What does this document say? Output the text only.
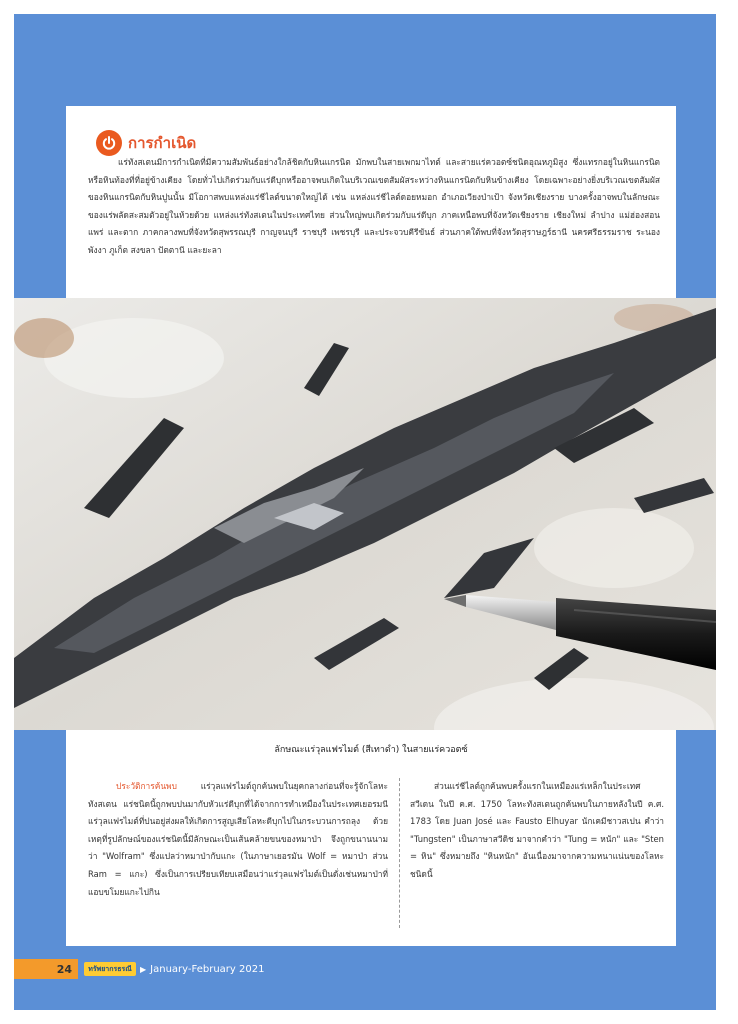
การกำเนิด

แร่ทังสเตนมีการกำเนิดที่มีความสัมพันธ์อย่างใกล้ชิดกับหินแกรนิต มักพบในสายเพกมาไทต์ และสายแร่ควอตซ์ชนิดอุณหภูมิสูง ซึ่งแทรกอยู่ในหินแกรนิตหรือหินท้องที่ที่อยู่ข้างเคียง โดยทั่วไปเกิดร่วมกับแร่ดีบุกหรืออาจพบเกิดในบริเวณเขตสัมผัสระหว่างหินแกรนิตกับหินข้างเคียง โดยเฉพาะอย่างยิ่งบริเวณเขตสัมผัสของหินแกรนิตกับหินปูนนั้น มีโอกาสพบแหล่งแร่ชีไลต์ขนาดใหญ่ได้ เช่น แหล่งแร่ชีไลต์ดอยหมอก อำเภอเวียงป่าเป้า จังหวัดเชียงราย บางครั้งอาจพบในลักษณะของแร่พลัดสะสมตัวอยู่ในห้วยด้วย แหล่งแร่ทังสเตนในประเทศไทย ส่วนใหญ่พบเกิดร่วมกับแร่ดีบุก ภาคเหนือพบที่จังหวัดเชียงราย เชียงใหม่ ลำปาง แม่ฮ่องสอน แพร่ และตาก ภาคกลางพบที่จังหวัดสุพรรณบุรี กาญจนบุรี ราชบุรี เพชรบุรี และประจวบคีรีขันธ์ ส่วนภาคใต้พบที่จังหวัดสุราษฎร์ธานี นครศรีธรรมราช ระนอง พังงา ภูเก็ต สงขลา ปัตตานี และยะลา

ลักษณะแร่วุลแฟรไมต์ (สีเทาดำ) ในสายแร่ควอตซ์

ประวัติการค้นพบ แร่วุลแฟรไมต์ถูกค้นพบในยุคกลางก่อนที่จะรู้จักโลหะทังสเตน แร่ชนิดนี้ถูกพบปนมากับหัวแร่ดีบุกที่ได้จากการทำเหมืองในประเทศเยอรมนี แร่วุลแฟรไมต์ที่ปนอยู่ส่งผลให้เกิดการสูญเสียโลหะดีบุกไปในกระบวนการถลุง ด้วยเหตุที่รูปลักษณ์ของแร่ชนิดนี้มีลักษณะเป็นเส้นคล้ายขนของหมาป่า จึงถูกขนานนามว่า "Wolfram" ซึ่งแปลว่าหมาป่ากับแกะ (ในภาษาเยอรมัน Wolf = หมาป่า ส่วน Ram = แกะ) ซึ่งเป็นการเปรียบเทียบเสมือนว่าแร่วุลแฟรไมต์เป็นดั่งเช่นหมาป่าที่แอบขโมยแกะไปกิน

ส่วนแร่ชีไลต์ถูกค้นพบครั้งแรกในเหมืองแร่เหล็กในประเทศสวีเดน ในปี ค.ศ. 1750 โลหะทังสเตนถูกค้นพบในภายหลังในปี ค.ศ. 1783 โดย Juan José และ Fausto Elhuyar นักเคมีชาวสเปน คำว่า "Tungsten" เป็นภาษาสวีดิช มาจากคำว่า "Tung = หนัก" และ "Sten = หิน" ซึ่งหมายถึง "หินหนัก" อันเนื่องมาจากความหนาแน่นของโลหะชนิดนี้

24	ทรัพยากรธรณี	▶ January-February 2021
